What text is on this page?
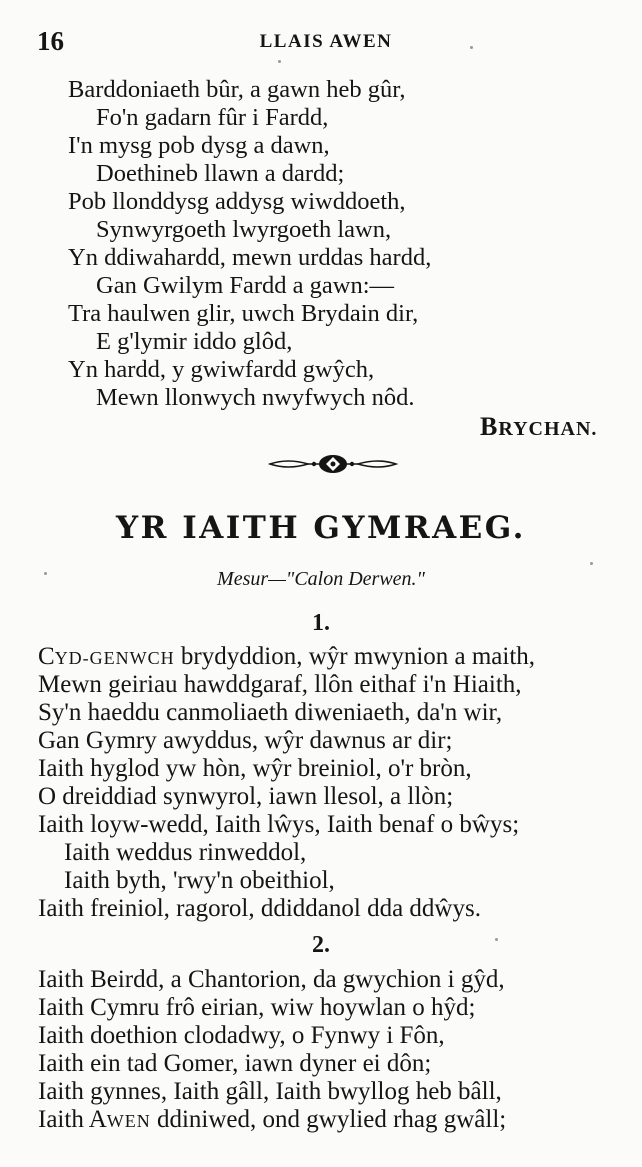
16	LLAIS AWEN
Barddoniaeth bûr, a gawn heb gûr,
Fo'n gadarn fûr i Fardd,
I'n mysg pob dysg a dawn,
Doethineb llawn a dardd;
Pob llonddysg addysg wiwddoeth,
Synwyrgoeth lwyrgoeth lawn,
Yn ddiwahardd, mewn urddas hardd,
Gan Gwilym Fardd a gawn:—
Tra haulwen glir, uwch Brydain dir,
E g'lymir iddo glôd,
Yn hardd, y gwiwfardd gwŷch,
Mewn llonwych nwyfwych nôd.
BRYCHAN.
YR IAITH GYMRAEG.
Mesur—"Calon Derwen."
1.
CYD-GENWCH brydyddion, wŷr mwynion a maith,
Mewn geiriau hawddgaraf, llôn eithaf i'n Hiaith,
Sy'n haeddu canmoliaeth diweniaeth, da'n wir,
Gan Gymry awyddus, wŷr dawnus ar dir;
Iaith hyglod yw hòn, wŷr breiniol, o'r bròn,
O dreiddiad synwyrol, iawn llesol, a llòn;
Iaith loyw-wedd, Iaith lŵys, Iaith benaf o bŵys;
Iaith weddus rinweddol,
Iaith byth, 'rwy'n obeithiol,
Iaith freiniol, ragorol, ddiddanol dda ddŵys.
2.
Iaith Beirdd, a Chantorion, da gwychion i gŷd,
Iaith Cymru frô eirian, wiw hoywlan o hŷd;
Iaith doethion clodadwy, o Fynwy i Fôn,
Iaith ein tad Gomer, iawn dyner ei dôn;
Iaith gynnes, Iaith gâll, Iaith bwyllog heb bâll,
Iaith AWEN ddiniwed, ond gwylied rhag gwâll;
